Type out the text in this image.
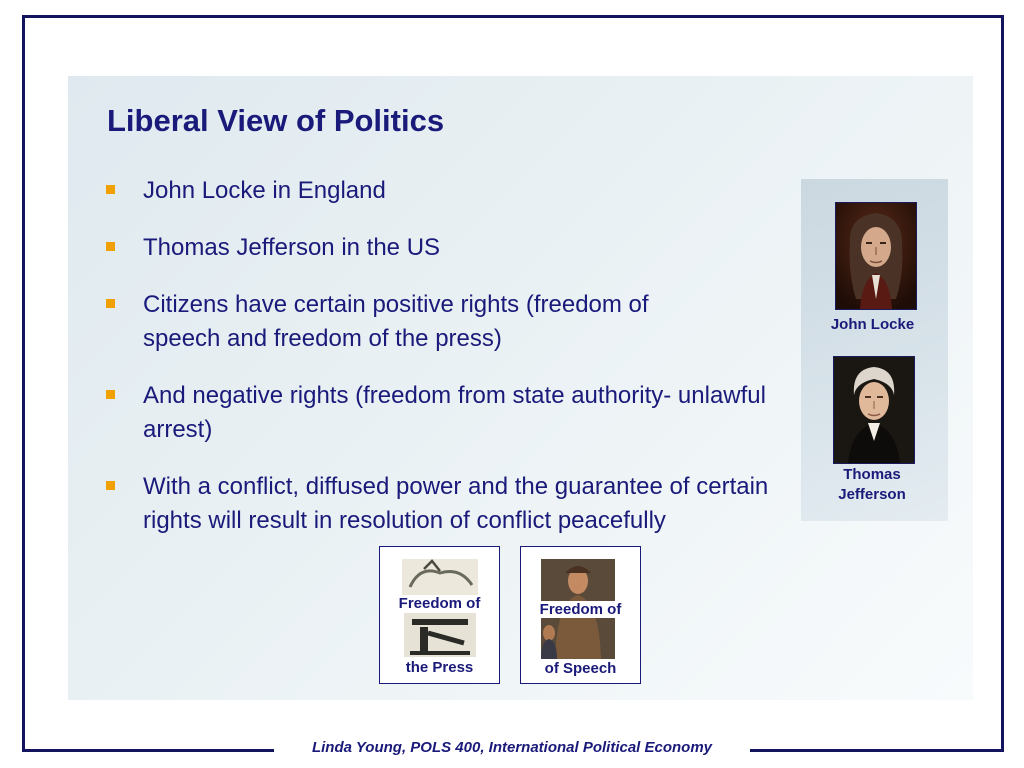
Liberal View of Politics
John Locke in England
Thomas Jefferson in the US
Citizens have certain positive rights (freedom of speech and freedom of the press)
And negative rights (freedom from state authority- unlawful arrest)
With a conflict, diffused power and the guarantee of certain rights will result in resolution of conflict peacefully
John Locke
Thomas Jefferson
Freedom of
the Press
Freedom of
of Speech
Linda Young, POLS 400, International Political Economy
